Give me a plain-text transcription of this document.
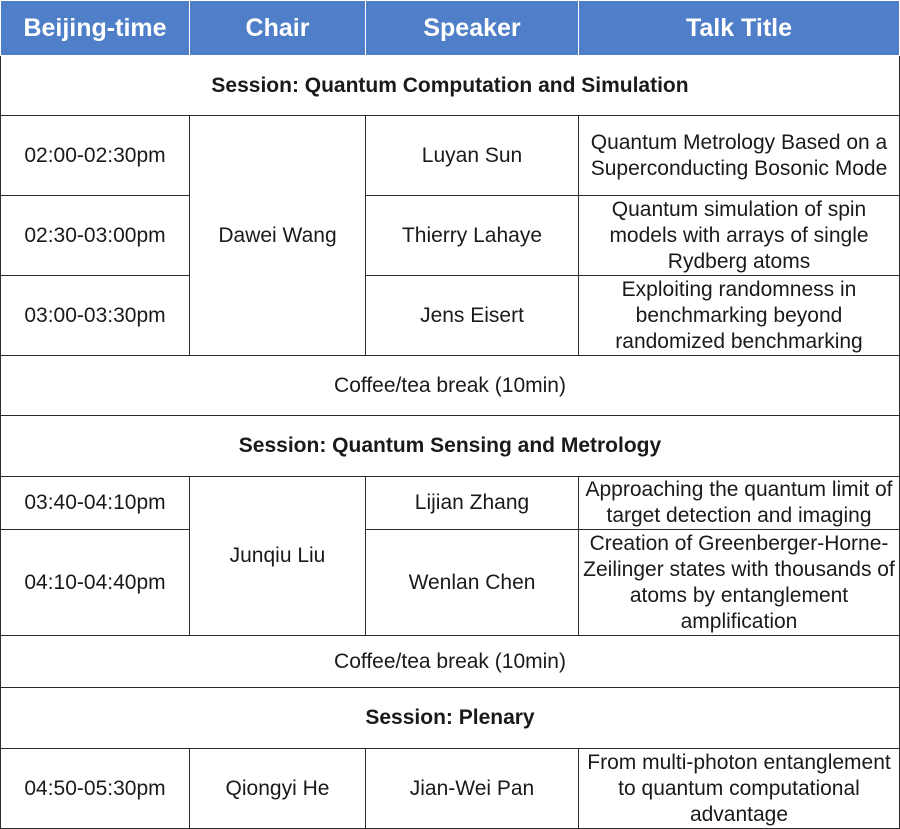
Beijing-time	Chair	Speaker	Talk Title
Session: Quantum Computation and Simulation			
02:00-02:30pm	Dawei Wang	Luyan Sun	Quantum Metrology Based on a Superconducting Bosonic Mode
02:30-03:00pm		Thierry Lahaye	Quantum simulation of spin models with arrays of single Rydberg atoms
03:00-03:30pm		Jens Eisert	Exploiting randomness in benchmarking beyond randomized benchmarking
Coffee/tea break (10min)			
Session: Quantum Sensing and Metrology			
03:40-04:10pm	Junqiu Liu	Lijian Zhang	Approaching the quantum limit of target detection and imaging
04:10-04:40pm		Wenlan Chen	Creation of Greenberger-Horne-Zeilinger states with thousands of atoms by entanglement amplification
Coffee/tea break (10min)			
Session: Plenary			
04:50-05:30pm	Qiongyi He	Jian-Wei Pan	From multi-photon entanglement to quantum computational advantage
